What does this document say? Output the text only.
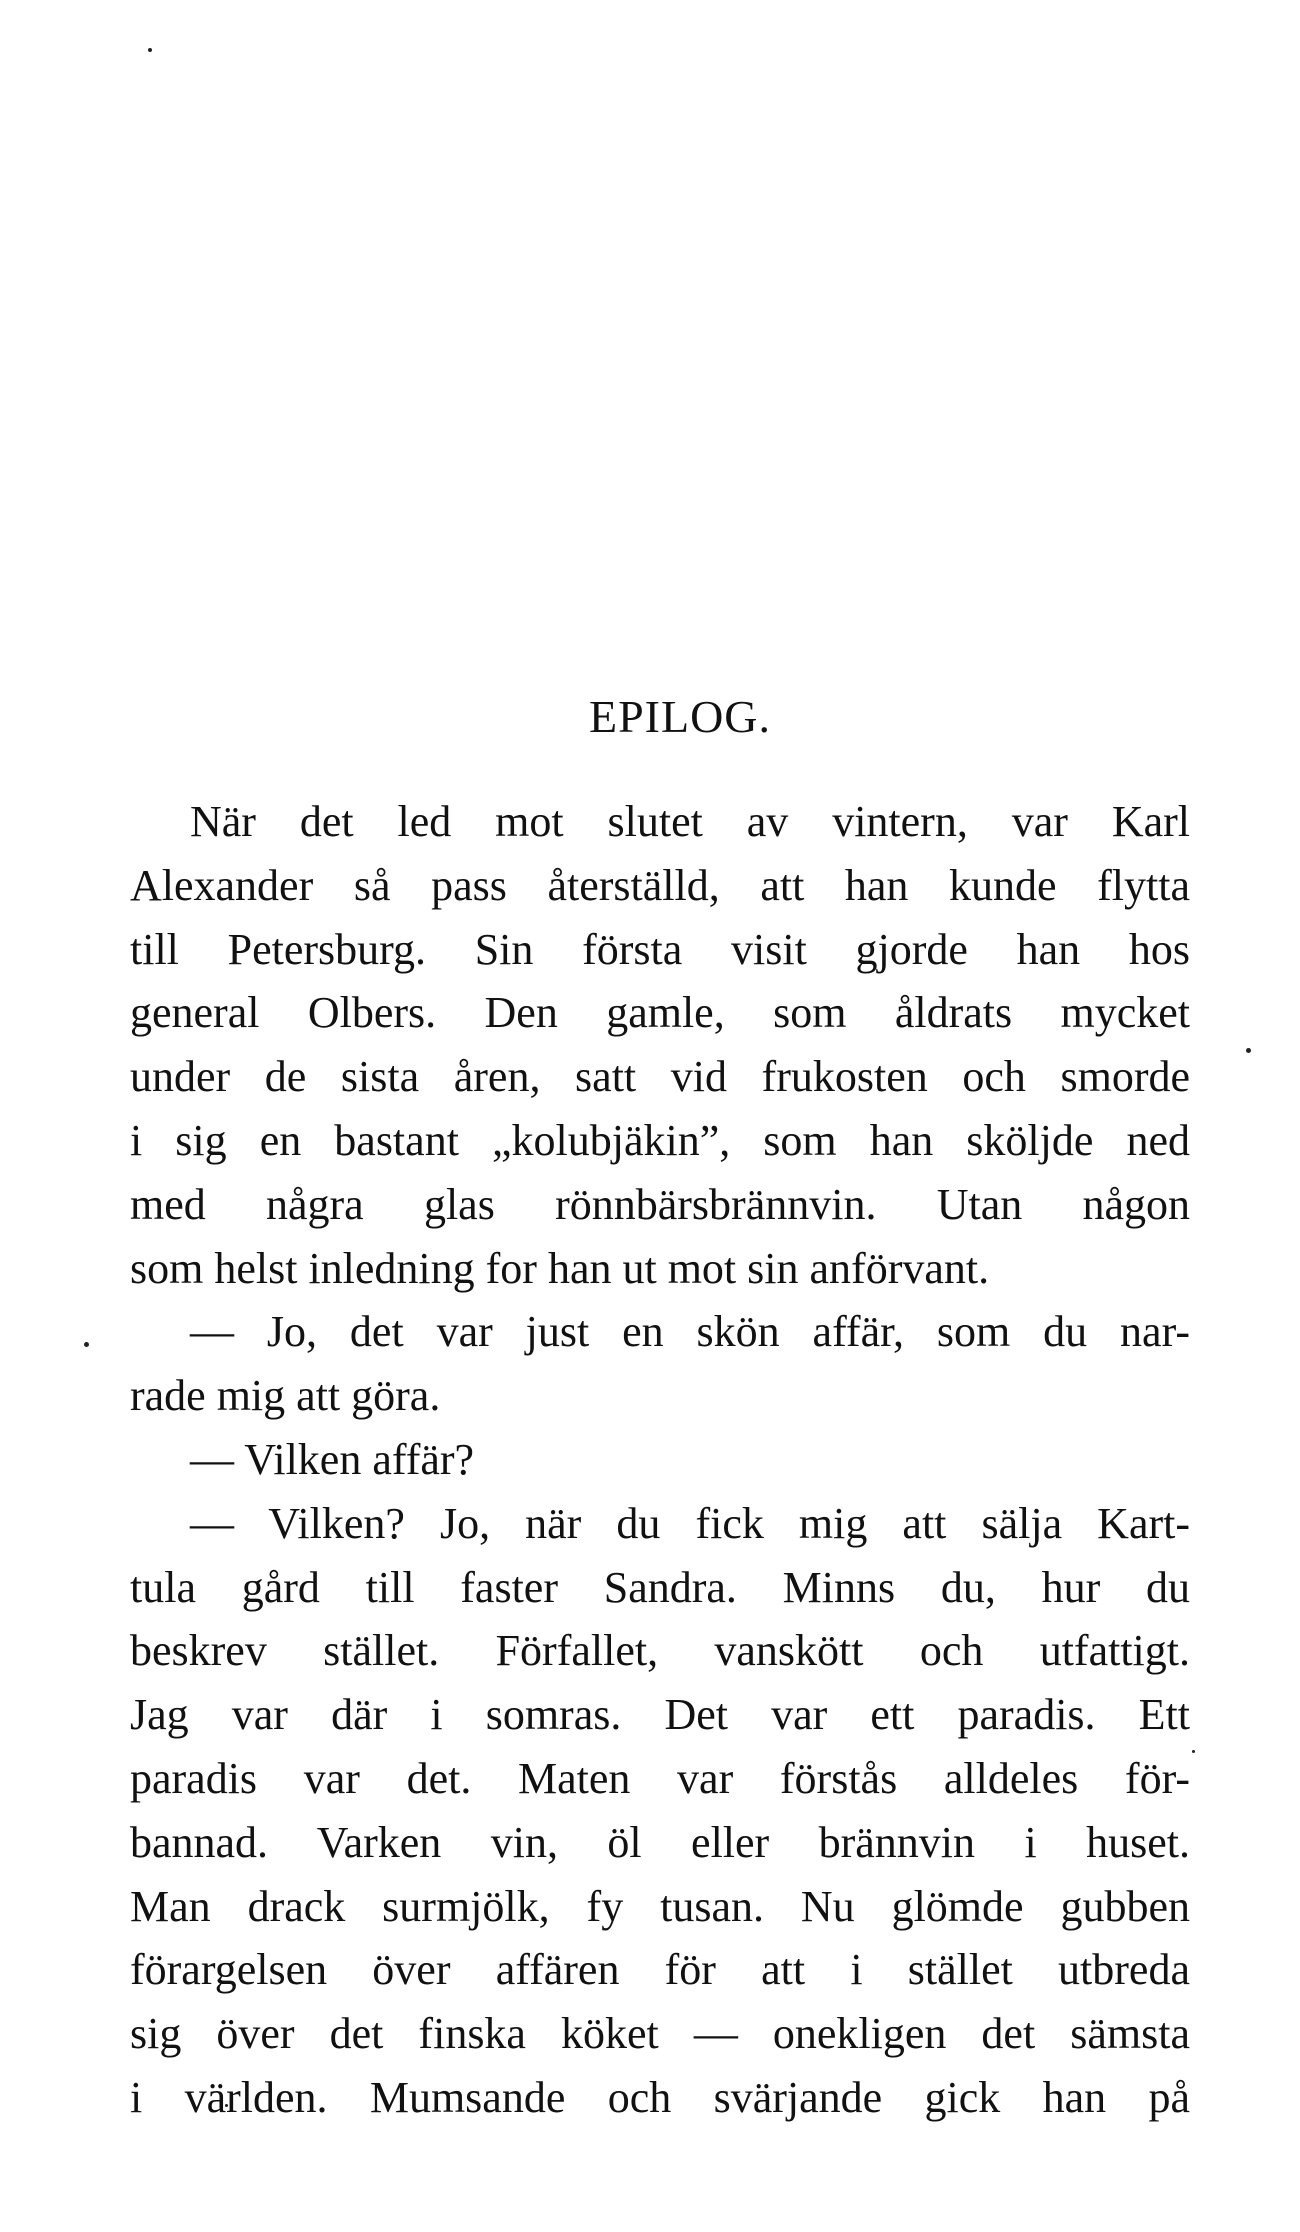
EPILOG.
När det led mot slutet av vintern, var Karl
Alexander så pass återställd, att han kunde flytta
till Petersburg. Sin första visit gjorde han hos
general Olbers. Den gamle, som åldrats mycket
under de sista åren, satt vid frukosten och smorde
i sig en bastant „kolubjäkin”, som han sköljde ned
med några glas rönnbärsbrännvin. Utan någon
som helst inledning for han ut mot sin anförvant.
— Jo, det var just en skön affär, som du nar-
rade mig att göra.
— Vilken affär?
— Vilken? Jo, när du fick mig att sälja Kart-
tula gård till faster Sandra. Minns du, hur du
beskrev stället. Förfallet, vanskött och utfattigt.
Jag var där i somras. Det var ett paradis. Ett
paradis var det. Maten var förstås alldeles för-
bannad. Varken vin, öl eller brännvin i huset.
Man drack surmjölk, fy tusan. Nu glömde gubben
förargelsen över affären för att i stället utbreda
sig över det finska köket — onekligen det sämsta
i världen. Mumsande och svärjande gick han på
